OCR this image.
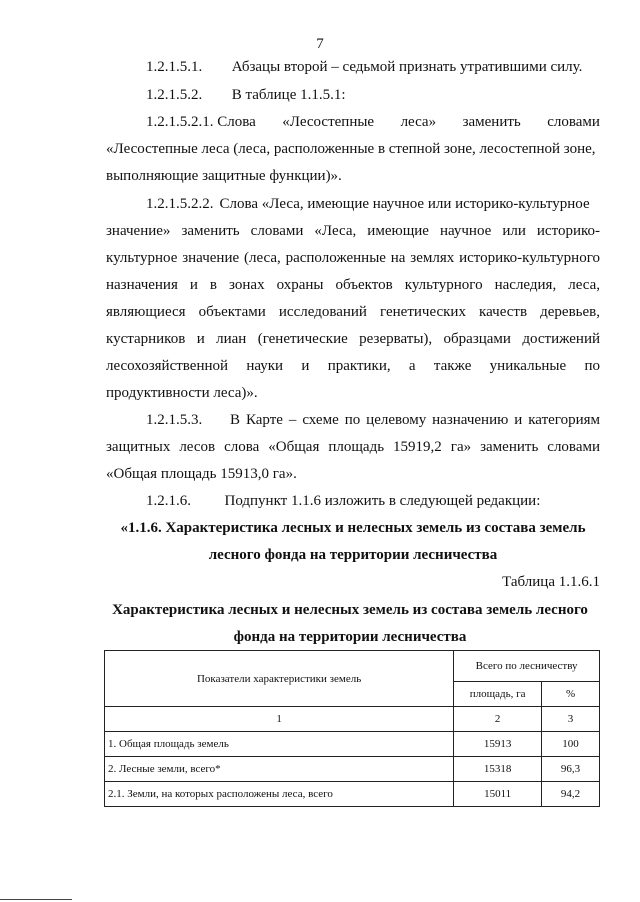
7
1.2.1.5.1. Абзацы второй – седьмой признать утратившими силу.
1.2.1.5.2. В таблице 1.1.5.1:
1.2.1.5.2.1. Слова «Лесостепные леса» заменить словами
«Лесостепные леса (леса, расположенные в степной зоне, лесостепной зоне,
выполняющие защитные функции)».
1.2.1.5.2.2. Слова «Леса, имеющие научное или историко-культурное
значение» заменить словами «Леса, имеющие научное или историко-
культурное значение (леса, расположенные на землях историко-культурного
назначения и в зонах охраны объектов культурного наследия, леса,
являющиеся объектами исследований генетических качеств деревьев,
кустарников и лиан (генетические резерваты), образцами достижений
лесохозяйственной науки и практики, а также уникальные по
продуктивности леса)».
1.2.1.5.3. В Карте – схеме по целевому назначению и категориям
защитных лесов слова «Общая площадь 15919,2 га» заменить словами
«Общая площадь 15913,0 га».
1.2.1.6. Подпункт 1.1.6 изложить в следующей редакции:
«1.1.6. Характеристика лесных и нелесных земель из состава земель
лесного фонда на территории лесничества
Таблица 1.1.6.1
Характеристика лесных и нелесных земель из состава земель лесного
фонда на территории лесничества
Показатели характеристики земель	Всего по лесничеству	
	площадь, га	%
1	2	3
1. Общая площадь земель	15913	100
2. Лесные земли, всего*	15318	96,3
2.1. Земли, на которых расположены леса, всего	15011	94,2
